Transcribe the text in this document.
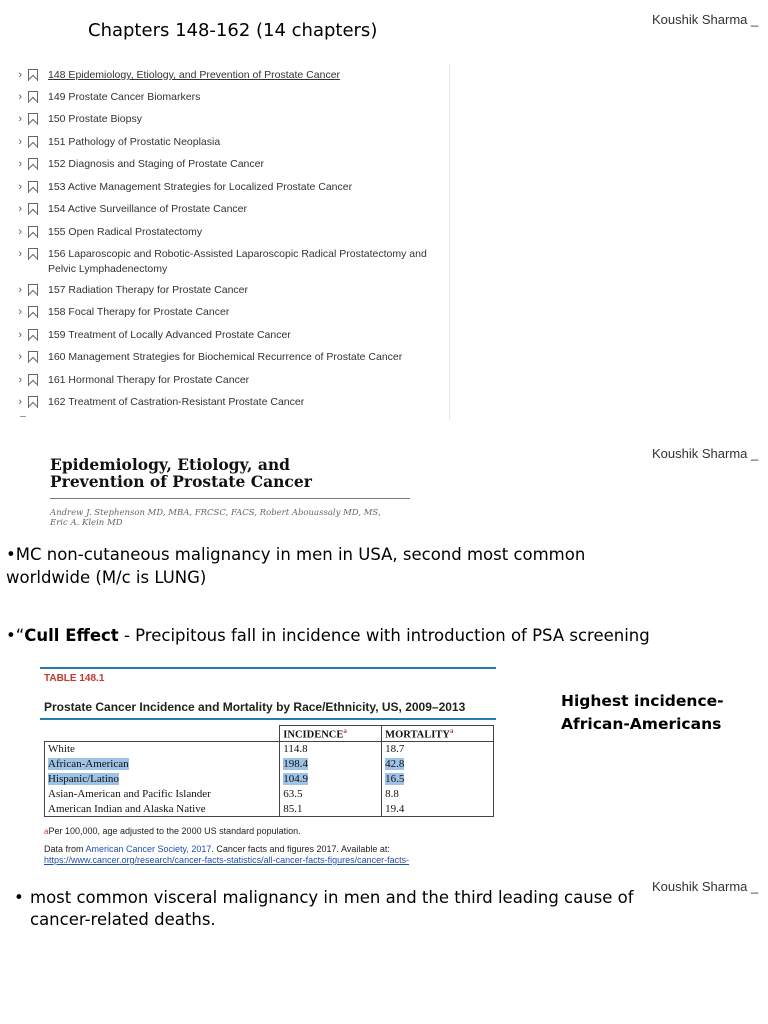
Chapters 148-162 (14 chapters)
Koushik Sharma _
›	148 Epidemiology, Etiology, and Prevention of Prostate Cancer
›	149 Prostate Cancer Biomarkers
›	150 Prostate Biopsy
›	151 Pathology of Prostatic Neoplasia
›	152 Diagnosis and Staging of Prostate Cancer
›	153 Active Management Strategies for Localized Prostate Cancer
›	154 Active Surveillance of Prostate Cancer
›	155 Open Radical Prostatectomy
›	156 Laparoscopic and Robotic-Assisted Laparoscopic Radical Prostatectomy and Pelvic Lymphadenectomy
›	157 Radiation Therapy for Prostate Cancer
›	158 Focal Therapy for Prostate Cancer
›	159 Treatment of Locally Advanced Prostate Cancer
›	160 Management Strategies for Biochemical Recurrence of Prostate Cancer
›	161 Hormonal Therapy for Prostate Cancer
›	162 Treatment of Castration-Resistant Prostate Cancer
Koushik Sharma _
Epidemiology, Etiology, and
Prevention of Prostate Cancer
Andrew J. Stephenson MD, MBA, FRCSC, FACS, Robert Abouassaly MD, MS,
Eric A. Klein MD
•MC non-cutaneous malignancy in men in USA, second most common
worldwide (M/c is LUNG)
•“Cull Effect - Precipitous fall in incidence with introduction of PSA screening
TABLE 148.1
Prostate Cancer Incidence and Mortality by Race/Ethnicity, US, 2009–2013
	INCIDENCE$^a$	MORTALITY$^a$
White	114.8	18.7
African-American	198.4	42.8
Hispanic/Latino	104.9	16.5
Asian-American and Pacific Islander	63.5	8.8
American Indian and Alaska Native	85.1	19.4
aPer 100,000, age adjusted to the 2000 US standard population.
Data from American Cancer Society, 2017. Cancer facts and figures 2017. Available at:
https://www.cancer.org/research/cancer-facts-statistics/all-cancer-facts-figures/cancer-facts-
Highest incidence-
African-Americans
Koushik Sharma _
• most common visceral malignancy in men and the third leading cause of
cancer-related deaths.
